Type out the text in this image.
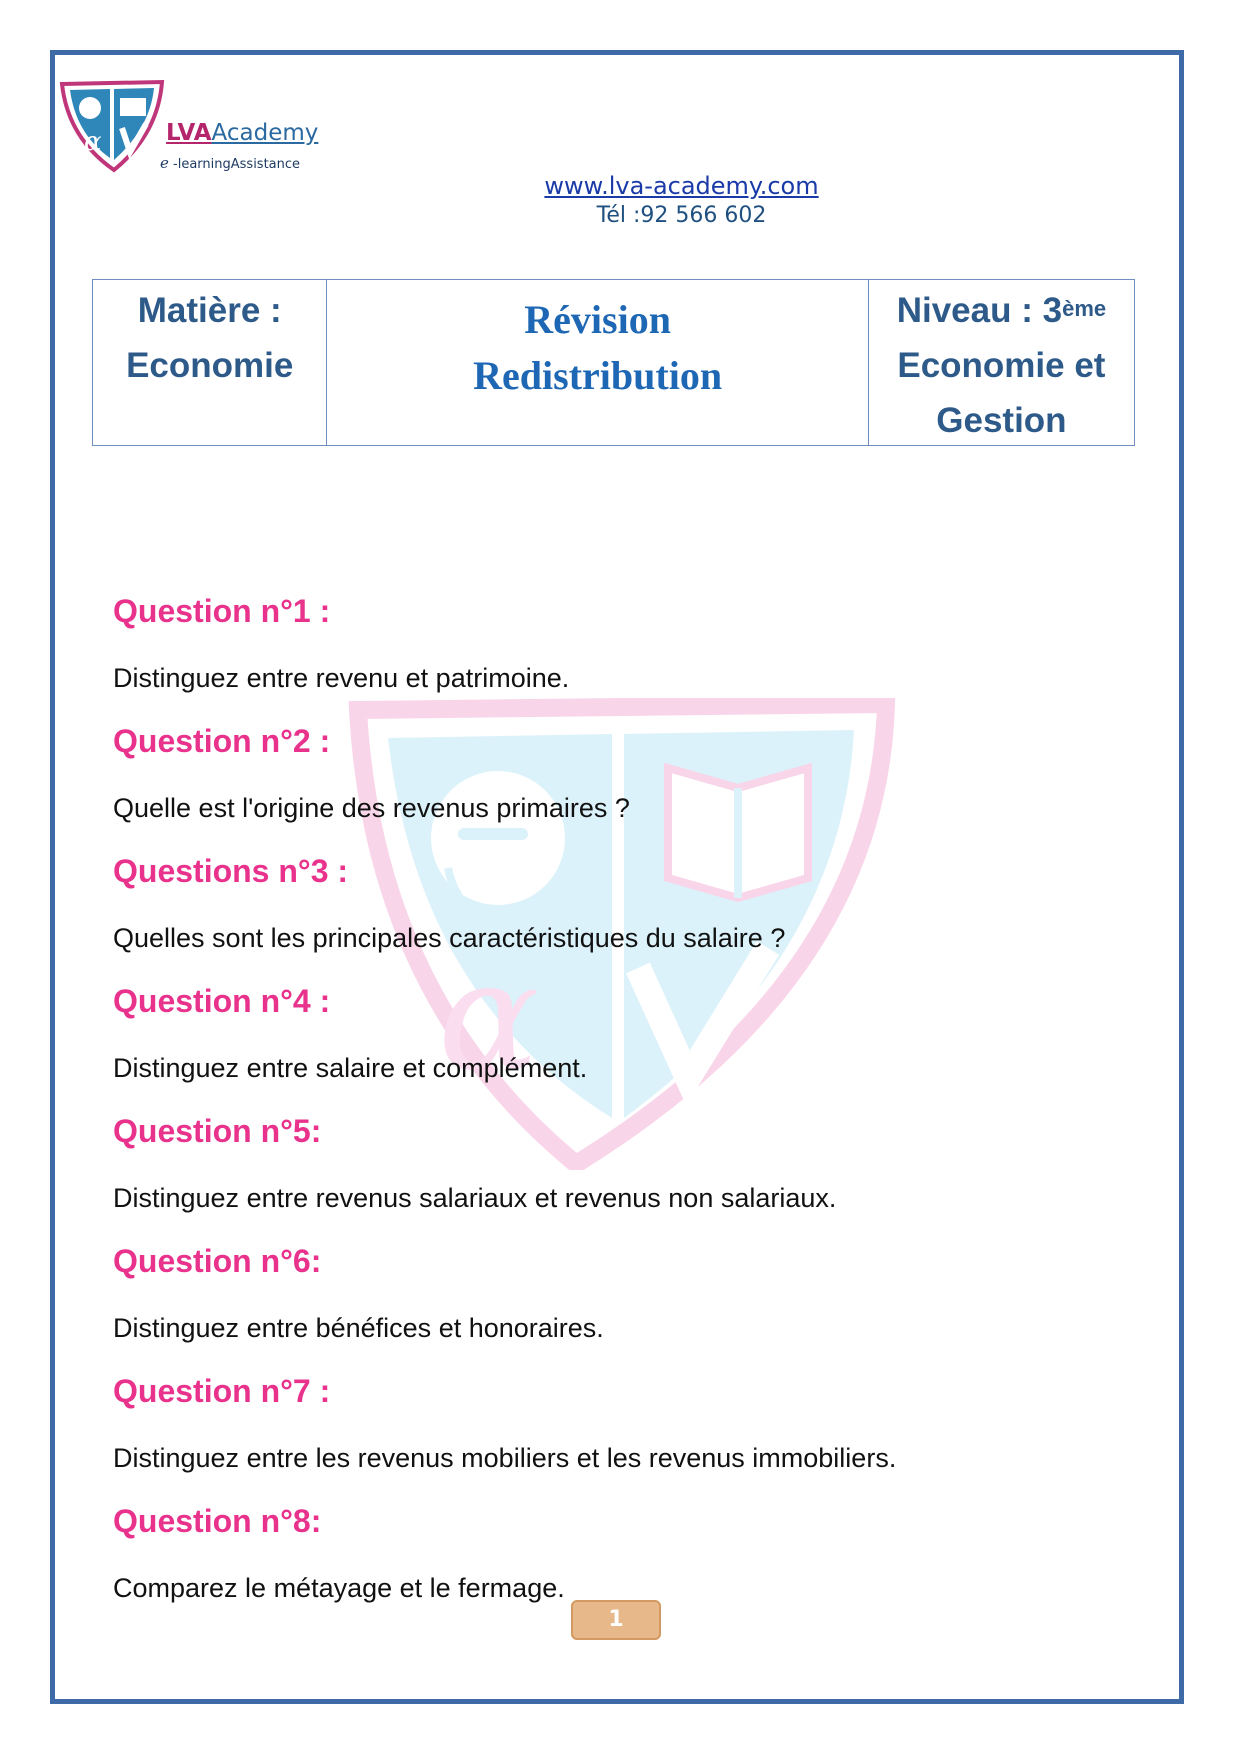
α	LVAAcademy
e -learningAssistance
www.lva-academy.com
Tél :92 566 602
Matière :
Economie

Révision
Redistribution

Niveau : 3ème
Economie et
Gestion
α
Question n°1 :
Distinguez entre revenu et patrimoine.
Question n°2 :
Quelle est l'origine des revenus primaires ?
Questions n°3 :
Quelles sont les principales caractéristiques du salaire ?
Question n°4 :
Distinguez entre salaire et complément.
Question n°5:
Distinguez entre revenus salariaux et revenus non salariaux.
Question n°6:
Distinguez entre bénéfices et honoraires.
Question n°7 :
Distinguez entre les revenus mobiliers et les revenus immobiliers.
Question n°8:
Comparez le métayage et le fermage.
1
